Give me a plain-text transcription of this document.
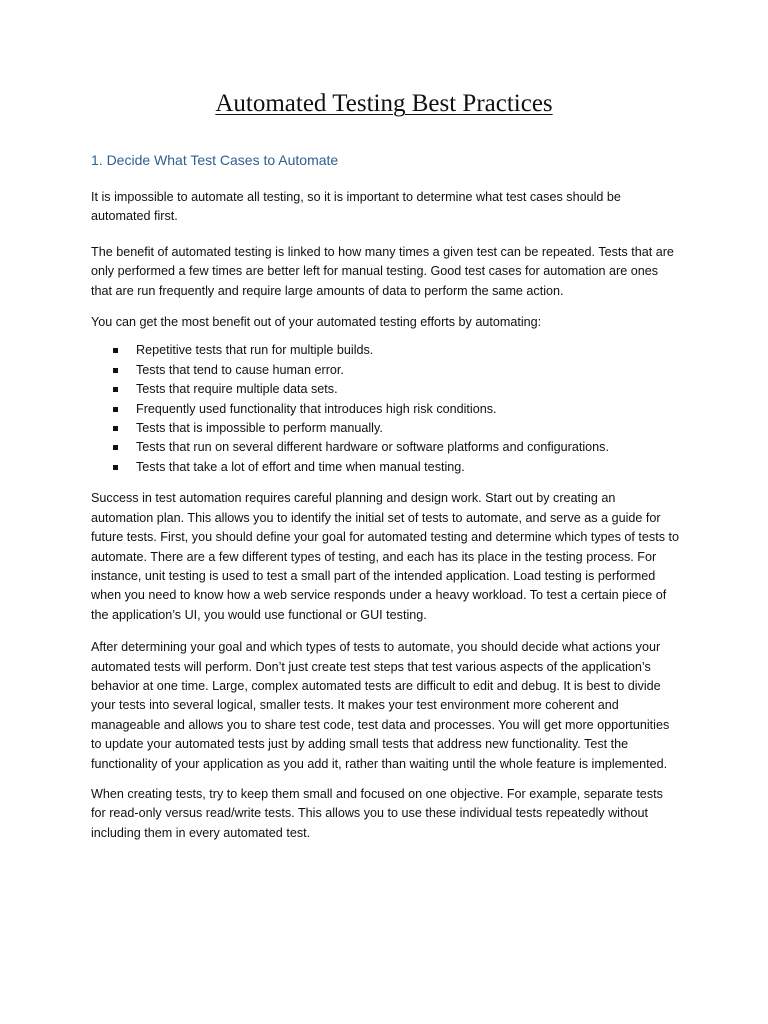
Automated Testing Best Practices
1. Decide What Test Cases to Automate

It is impossible to automate all testing, so it is important to determine what test cases should be automated first.

The benefit of automated testing is linked to how many times a given test can be repeated. Tests that are only performed a few times are better left for manual testing. Good test cases for automation are ones that are run frequently and require large amounts of data to perform the same action.

You can get the most benefit out of your automated testing efforts by automating:

Repetitive tests that run for multiple builds.
Tests that tend to cause human error.
Tests that require multiple data sets.
Frequently used functionality that introduces high risk conditions.
Tests that is impossible to perform manually.
Tests that run on several different hardware or software platforms and configurations.
Tests that take a lot of effort and time when manual testing.

Success in test automation requires careful planning and design work. Start out by creating an automation plan. This allows you to identify the initial set of tests to automate, and serve as a guide for future tests. First, you should define your goal for automated testing and determine which types of tests to automate. There are a few different types of testing, and each has its place in the testing process. For instance, unit testing is used to test a small part of the intended application. Load testing is performed when you need to know how a web service responds under a heavy workload. To test a certain piece of the application’s UI, you would use functional or GUI testing.

After determining your goal and which types of tests to automate, you should decide what actions your automated tests will perform. Don’t just create test steps that test various aspects of the application’s behavior at one time. Large, complex automated tests are difficult to edit and debug. It is best to divide your tests into several logical, smaller tests. It makes your test environment more coherent and manageable and allows you to share test code, test data and processes. You will get more opportunities to update your automated tests just by adding small tests that address new functionality. Test the functionality of your application as you add it, rather than waiting until the whole feature is implemented.

When creating tests, try to keep them small and focused on one objective. For example, separate tests for read-only versus read/write tests. This allows you to use these individual tests repeatedly without including them in every automated test.
